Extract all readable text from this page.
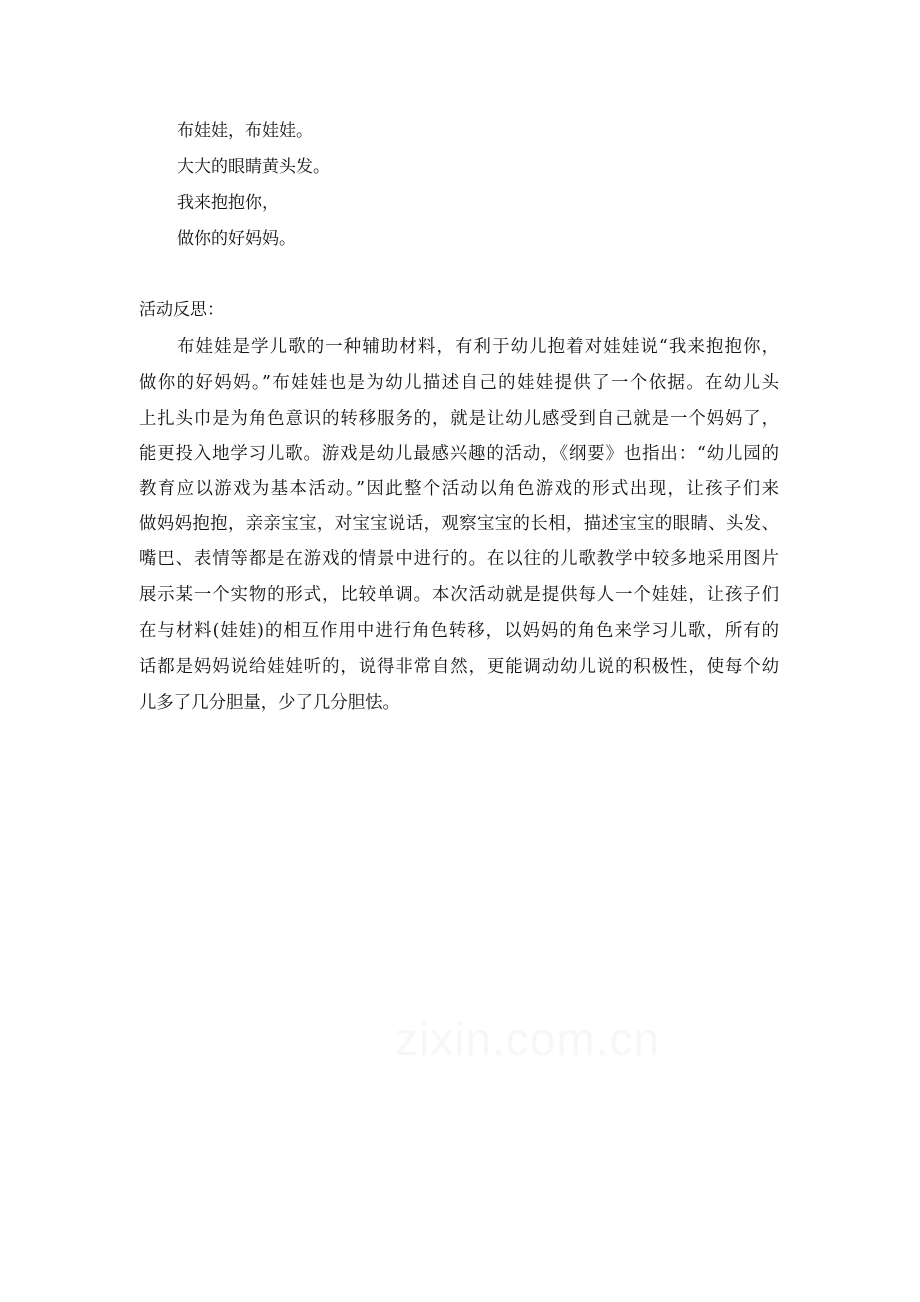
布娃娃，布娃娃。
大大的眼睛黄头发。
我来抱抱你，
做你的好妈妈。
活动反思：
布娃娃是学儿歌的一种辅助材料，有利于幼儿抱着对娃娃说“我来抱抱你，
做你的好妈妈。”布娃娃也是为幼儿描述自己的娃娃提供了一个依据。在幼儿头
上扎头巾是为角色意识的转移服务的，就是让幼儿感受到自己就是一个妈妈了，
能更投入地学习儿歌。游戏是幼儿最感兴趣的活动，《纲要》也指出：“幼儿园的
教育应以游戏为基本活动。”因此整个活动以角色游戏的形式出现，让孩子们来
做妈妈抱抱，亲亲宝宝，对宝宝说话，观察宝宝的长相，描述宝宝的眼睛、头发、
嘴巴、表情等都是在游戏的情景中进行的。在以往的儿歌教学中较多地采用图片
展示某一个实物的形式，比较单调。本次活动就是提供每人一个娃娃，让孩子们
在与材料(娃娃)的相互作用中进行角色转移，以妈妈的角色来学习儿歌，所有的
话都是妈妈说给娃娃听的，说得非常自然，更能调动幼儿说的积极性，使每个幼
儿多了几分胆量，少了几分胆怯。
zixin.com.cn
